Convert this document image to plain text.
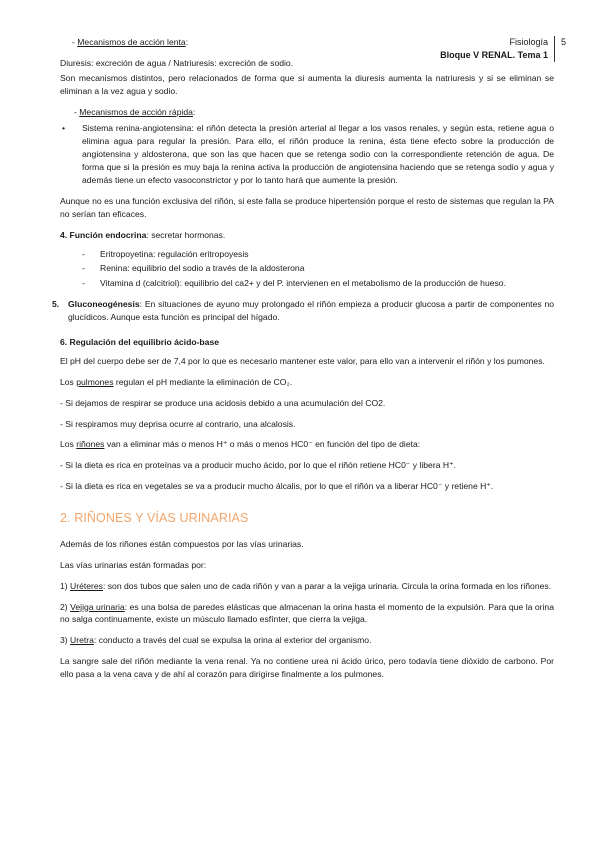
Fisiología
Bloque V RENAL. Tema 1
5
- Mecanismos de acción lenta:

Diuresis: excreción de agua / Natriuresis: excreción de sodio.

Son mecanismos distintos, pero relacionados de forma que si aumenta la diuresis aumenta la natriuresis y si se eliminan se eliminan a la vez agua y sodio.

- Mecanismos de acción rápida:
•	Sistema renina-angiotensina: el riñón detecta la presión arterial al llegar a los vasos renales, y según esta, retiene agua o elimina agua para regular la presión. Para ello, el riñón produce la renina, ésta tiene efecto sobre la producción de angiotensina y aldosterona, que son las que hacen que se retenga sodio con la correspondiente retención de agua. De forma que si la presión es muy baja la renina activa la producción de angiotensina haciendo que se retenga sodio y agua y además tiene un efecto vasoconstrictor y por lo tanto hará que aumente la presión.

Aunque no es una función exclusiva del riñón, si este falla se produce hipertensión porque el resto de sistemas que regulan la PA no serían tan eficaces.

4. Función endocrina: secretar hormonas.
-	Eritropoyetina: regulación eritropoyesis
-	Renina: equilibrio del sodio a través de la aldosterona
-	Vitamina d (calcitriol): equilibrio del ca2+ y del P. intervienen en el metabolismo de la producción de hueso.
5.	Gluconeogénesis: En situaciones de ayuno muy prolongado el riñón empieza a producir glucosa a partir de componentes no glucídicos. Aunque esta función es principal del hígado.
6. Regulación del equilibrio ácido-base

El pH del cuerpo debe ser de 7,4 por lo que es necesario mantener este valor, para ello van a intervenir el riñón y los pumones.

Los pulmones regulan el pH mediante la eliminación de CO₂.

- Si dejamos de respirar se produce una acidosis debido a una acumulación del CO2.

- Si respiramos muy deprisa ocurre al contrario, una alcalosis.

Los riñones van a eliminar más o menos H⁺ o más o menos HC0⁻ en función del tipo de dieta:

- Si la dieta es rica en proteínas va a producir mucho ácido, por lo que el riñón retiene HC0⁻ y libera H⁺.

- Si la dieta es rica en vegetales se va a producir mucho álcalis, por lo que el riñón va a liberar HC0⁻ y retiene H⁺.

2. RIÑONES Y VÍAS URINARIAS

Además de los riñones están compuestos por las vías urinarias.

Las vías urinarias están formadas por:

1) Uréteres: son dos tubos que salen uno de cada riñón y van a parar a la vejiga urinaria. Circula la orina formada en los riñones.

2) Vejiga urinaria: es una bolsa de paredes elásticas que almacenan la orina hasta el momento de la expulsión. Para que la orina no salga continuamente, existe un músculo llamado esfínter, que cierra la vejiga.

3) Uretra: conducto a través del cual se expulsa la orina al exterior del organismo.

La sangre sale del riñón mediante la vena renal. Ya no contiene urea ni ácido úrico, pero todavía tiene dióxido de carbono. Por ello pasa a la vena cava y de ahí al corazón para dirigirse finalmente a los pulmones.
